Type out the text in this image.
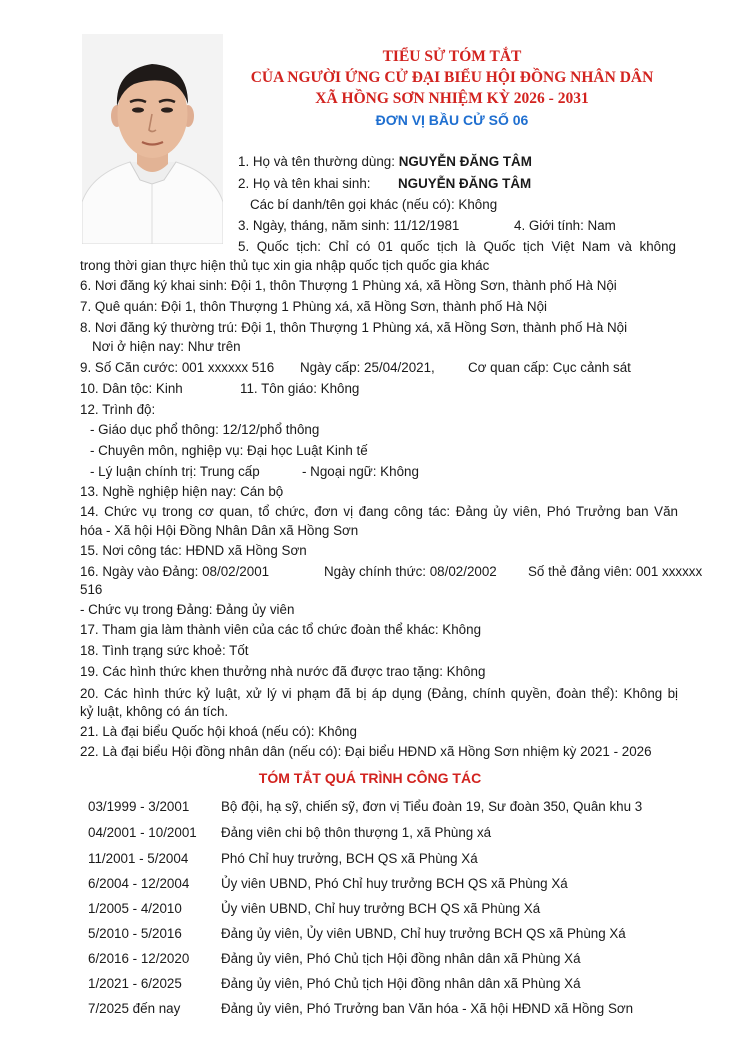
TIỂU SỬ TÓM TẮT
CỦA NGƯỜI ỨNG CỬ ĐẠI BIỂU HỘI ĐỒNG NHÂN DÂN
XÃ HỒNG SƠN NHIỆM KỲ 2026 - 2031
ĐƠN VỊ BẦU CỬ SỐ 06
1. Họ và tên thường dùng: NGUYỄN ĐĂNG TÂM
2. Họ và tên khai sinh: NGUYỄN ĐĂNG TÂM
Các bí danh/tên gọi khác (nếu có): Không
3. Ngày, tháng, năm sinh: 11/12/1981	4. Giới tính: Nam
5. Quốc tịch: Chỉ có 01 quốc tịch là Quốc tịch Việt Nam và không
trong thời gian thực hiện thủ tục xin gia nhập quốc tịch quốc gia khác
6. Nơi đăng ký khai sinh: Đội 1, thôn Thượng 1 Phùng xá, xã Hồng Sơn, thành phố Hà Nội
7. Quê quán: Đội 1, thôn Thượng 1 Phùng xá, xã Hồng Sơn, thành phố Hà Nội
8. Nơi đăng ký thường trú: Đội 1, thôn Thượng 1 Phùng xá, xã Hồng Sơn, thành phố Hà Nội
Nơi ở hiện nay: Như trên
9. Số Căn cước: 001 xxxxxx 516 Ngày cấp: 25/04/2021, Cơ quan cấp: Cục cảnh sát
10. Dân tộc: Kinh	11. Tôn giáo: Không
12. Trình độ:
- Giáo dục phổ thông: 12/12/phổ thông
- Chuyên môn, nghiệp vụ: Đại học Luật Kinh tế
- Lý luận chính trị: Trung cấp	- Ngoại ngữ: Không
13. Nghề nghiệp hiện nay: Cán bộ
14. Chức vụ trong cơ quan, tổ chức, đơn vị đang công tác: Đảng ủy viên, Phó Trưởng ban Văn
hóa - Xã hội Hội Đồng Nhân Dân xã Hồng Sơn
15. Nơi công tác: HĐND xã Hồng Sơn
16. Ngày vào Đảng: 08/02/2001	Ngày chính thức: 08/02/2002 Số thẻ đảng viên: 001 xxxxxx
516
- Chức vụ trong Đảng: Đảng ủy viên
17. Tham gia làm thành viên của các tổ chức đoàn thể khác: Không
18. Tình trạng sức khoẻ: Tốt
19. Các hình thức khen thưởng nhà nước đã được trao tặng: Không
20. Các hình thức kỷ luật, xử lý vi phạm đã bị áp dụng (Đảng, chính quyền, đoàn thể): Không bị
kỷ luật, không có án tích.
21. Là đại biểu Quốc hội khoá (nếu có): Không
22. Là đại biểu Hội đồng nhân dân (nếu có): Đại biểu HĐND xã Hồng Sơn nhiệm kỳ 2021 - 2026
TÓM TẮT QUÁ TRÌNH CÔNG TÁC
03/1999 - 3/2001 Bộ đội, hạ sỹ, chiến sỹ, đơn vị Tiểu đoàn 19, Sư đoàn 350, Quân khu 3
04/2001 - 10/2001 Đảng viên chi bộ thôn thượng 1, xã Phùng xá
11/2001 - 5/2004 Phó Chỉ huy trưởng, BCH QS xã Phùng Xá
6/2004 - 12/2004 Ủy viên UBND, Phó Chỉ huy trưởng BCH QS xã Phùng Xá
1/2005 - 4/2010	Ủy viên UBND, Chỉ huy trưởng BCH QS xã Phùng Xá
5/2010 - 5/2016	Đảng ủy viên, Ủy viên UBND, Chỉ huy trưởng BCH QS xã Phùng Xá
6/2016 - 12/2020 Đảng ủy viên, Phó Chủ tịch Hội đồng nhân dân xã Phùng Xá
1/2021 - 6/2025	Đảng ủy viên, Phó Chủ tịch Hội đồng nhân dân xã Phùng Xá
7/2025 đến nay	Đảng ủy viên, Phó Trưởng ban Văn hóa - Xã hội HĐND xã Hồng Sơn
